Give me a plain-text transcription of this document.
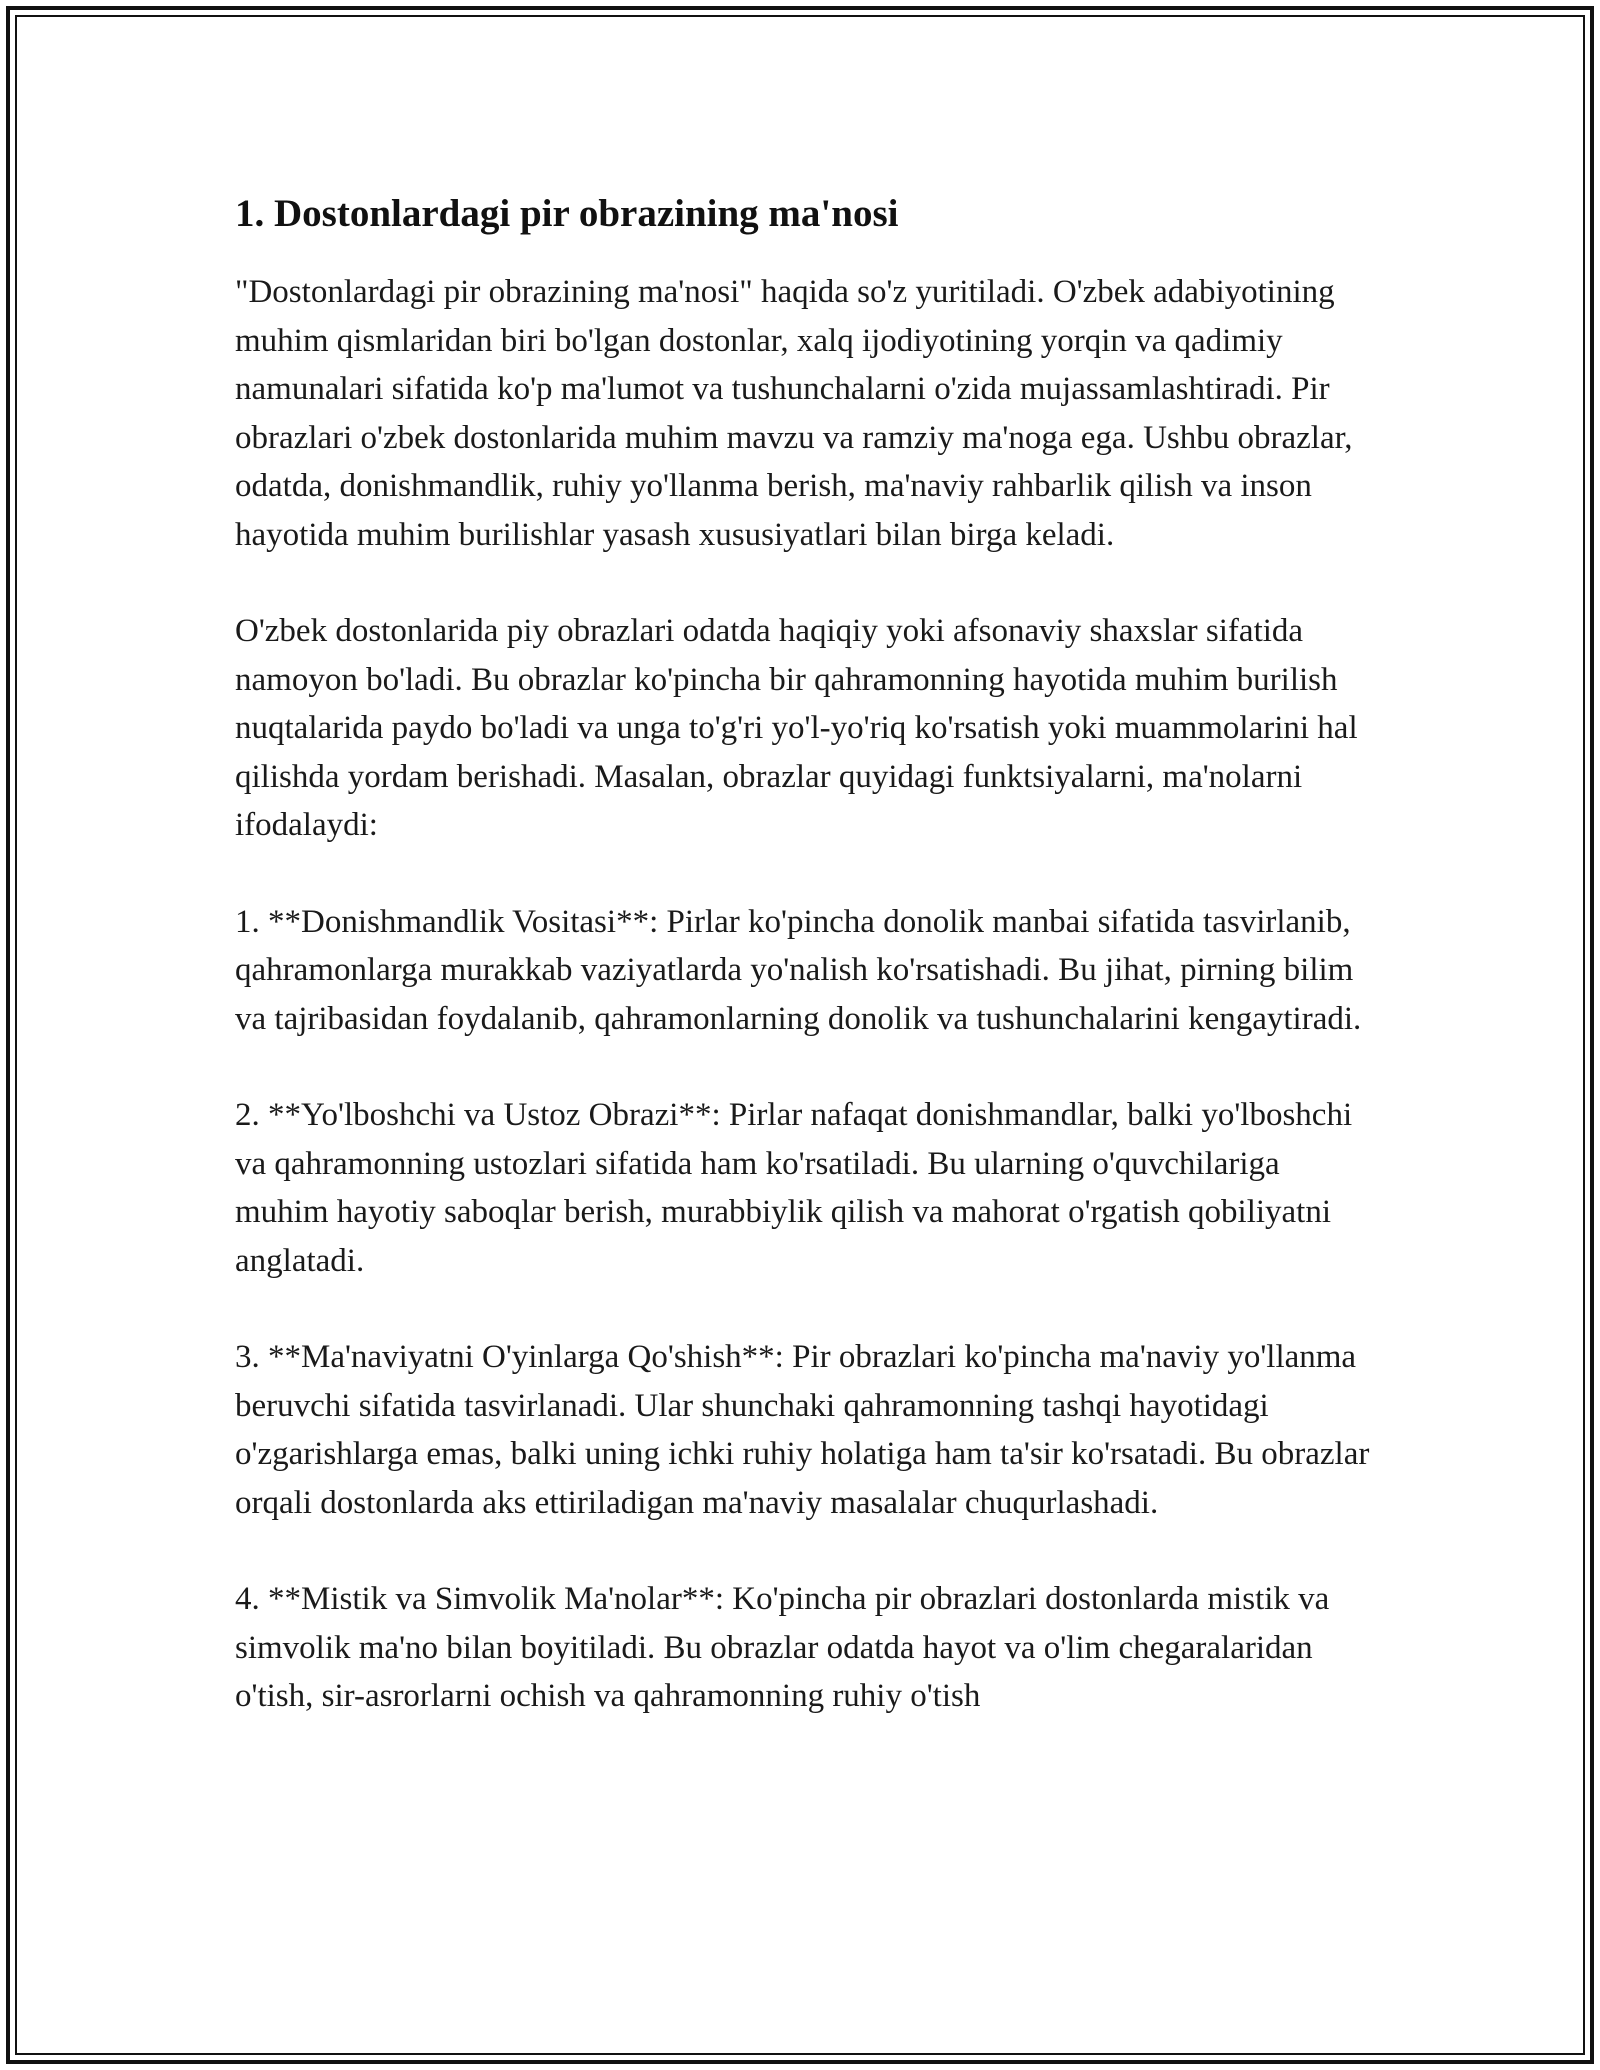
1. Dostonlardagi pir obrazining ma'nosi

"Dostonlardagi pir obrazining ma'nosi" haqida so'z yuritiladi. O'zbek adabiyotining muhim qismlaridan biri bo'lgan dostonlar, xalq ijodiyotining yorqin va qadimiy namunalari sifatida ko'p ma'lumot va tushunchalarni o'zida mujassamlashtiradi. Pir obrazlari o'zbek dostonlarida muhim mavzu va ramziy ma'noga ega. Ushbu obrazlar, odatda, donishmandlik, ruhiy yo'llanma berish, ma'naviy rahbarlik qilish va inson hayotida muhim burilishlar yasash xususiyatlari bilan birga keladi.

O'zbek dostonlarida piy obrazlari odatda haqiqiy yoki afsonaviy shaxslar sifatida namoyon bo'ladi. Bu obrazlar ko'pincha bir qahramonning hayotida muhim burilish nuqtalarida paydo bo'ladi va unga to'g'ri yo'l-yo'riq ko'rsatish yoki muammolarini hal qilishda yordam berishadi. Masalan, obrazlar quyidagi funktsiyalarni, ma'nolarni ifodalaydi:

1. **Donishmandlik Vositasi**: Pirlar ko'pincha donolik manbai sifatida tasvirlanib, qahramonlarga murakkab vaziyatlarda yo'nalish ko'rsatishadi. Bu jihat, pirning bilim va tajribasidan foydalanib, qahramonlarning donolik va tushunchalarini kengaytiradi.

2. **Yo'lboshchi va Ustoz Obrazi**: Pirlar nafaqat donishmandlar, balki yo'lboshchi va qahramonning ustozlari sifatida ham ko'rsatiladi. Bu ularning o'quvchilariga muhim hayotiy saboqlar berish, murabbiylik qilish va mahorat o'rgatish qobiliyatni anglatadi.

3. **Ma'naviyatni O'yinlarga Qo'shish**: Pir obrazlari ko'pincha ma'naviy yo'llanma beruvchi sifatida tasvirlanadi. Ular shunchaki qahramonning tashqi hayotidagi o'zgarishlarga emas, balki uning ichki ruhiy holatiga ham ta'sir ko'rsatadi. Bu obrazlar orqali dostonlarda aks ettiriladigan ma'naviy masalalar chuqurlashadi.

4. **Mistik va Simvolik Ma'nolar**: Ko'pincha pir obrazlari dostonlarda mistik va simvolik ma'no bilan boyitiladi. Bu obrazlar odatda hayot va o'lim chegaralaridan o'tish, sir-asrorlarni ochish va qahramonning ruhiy o'tish
